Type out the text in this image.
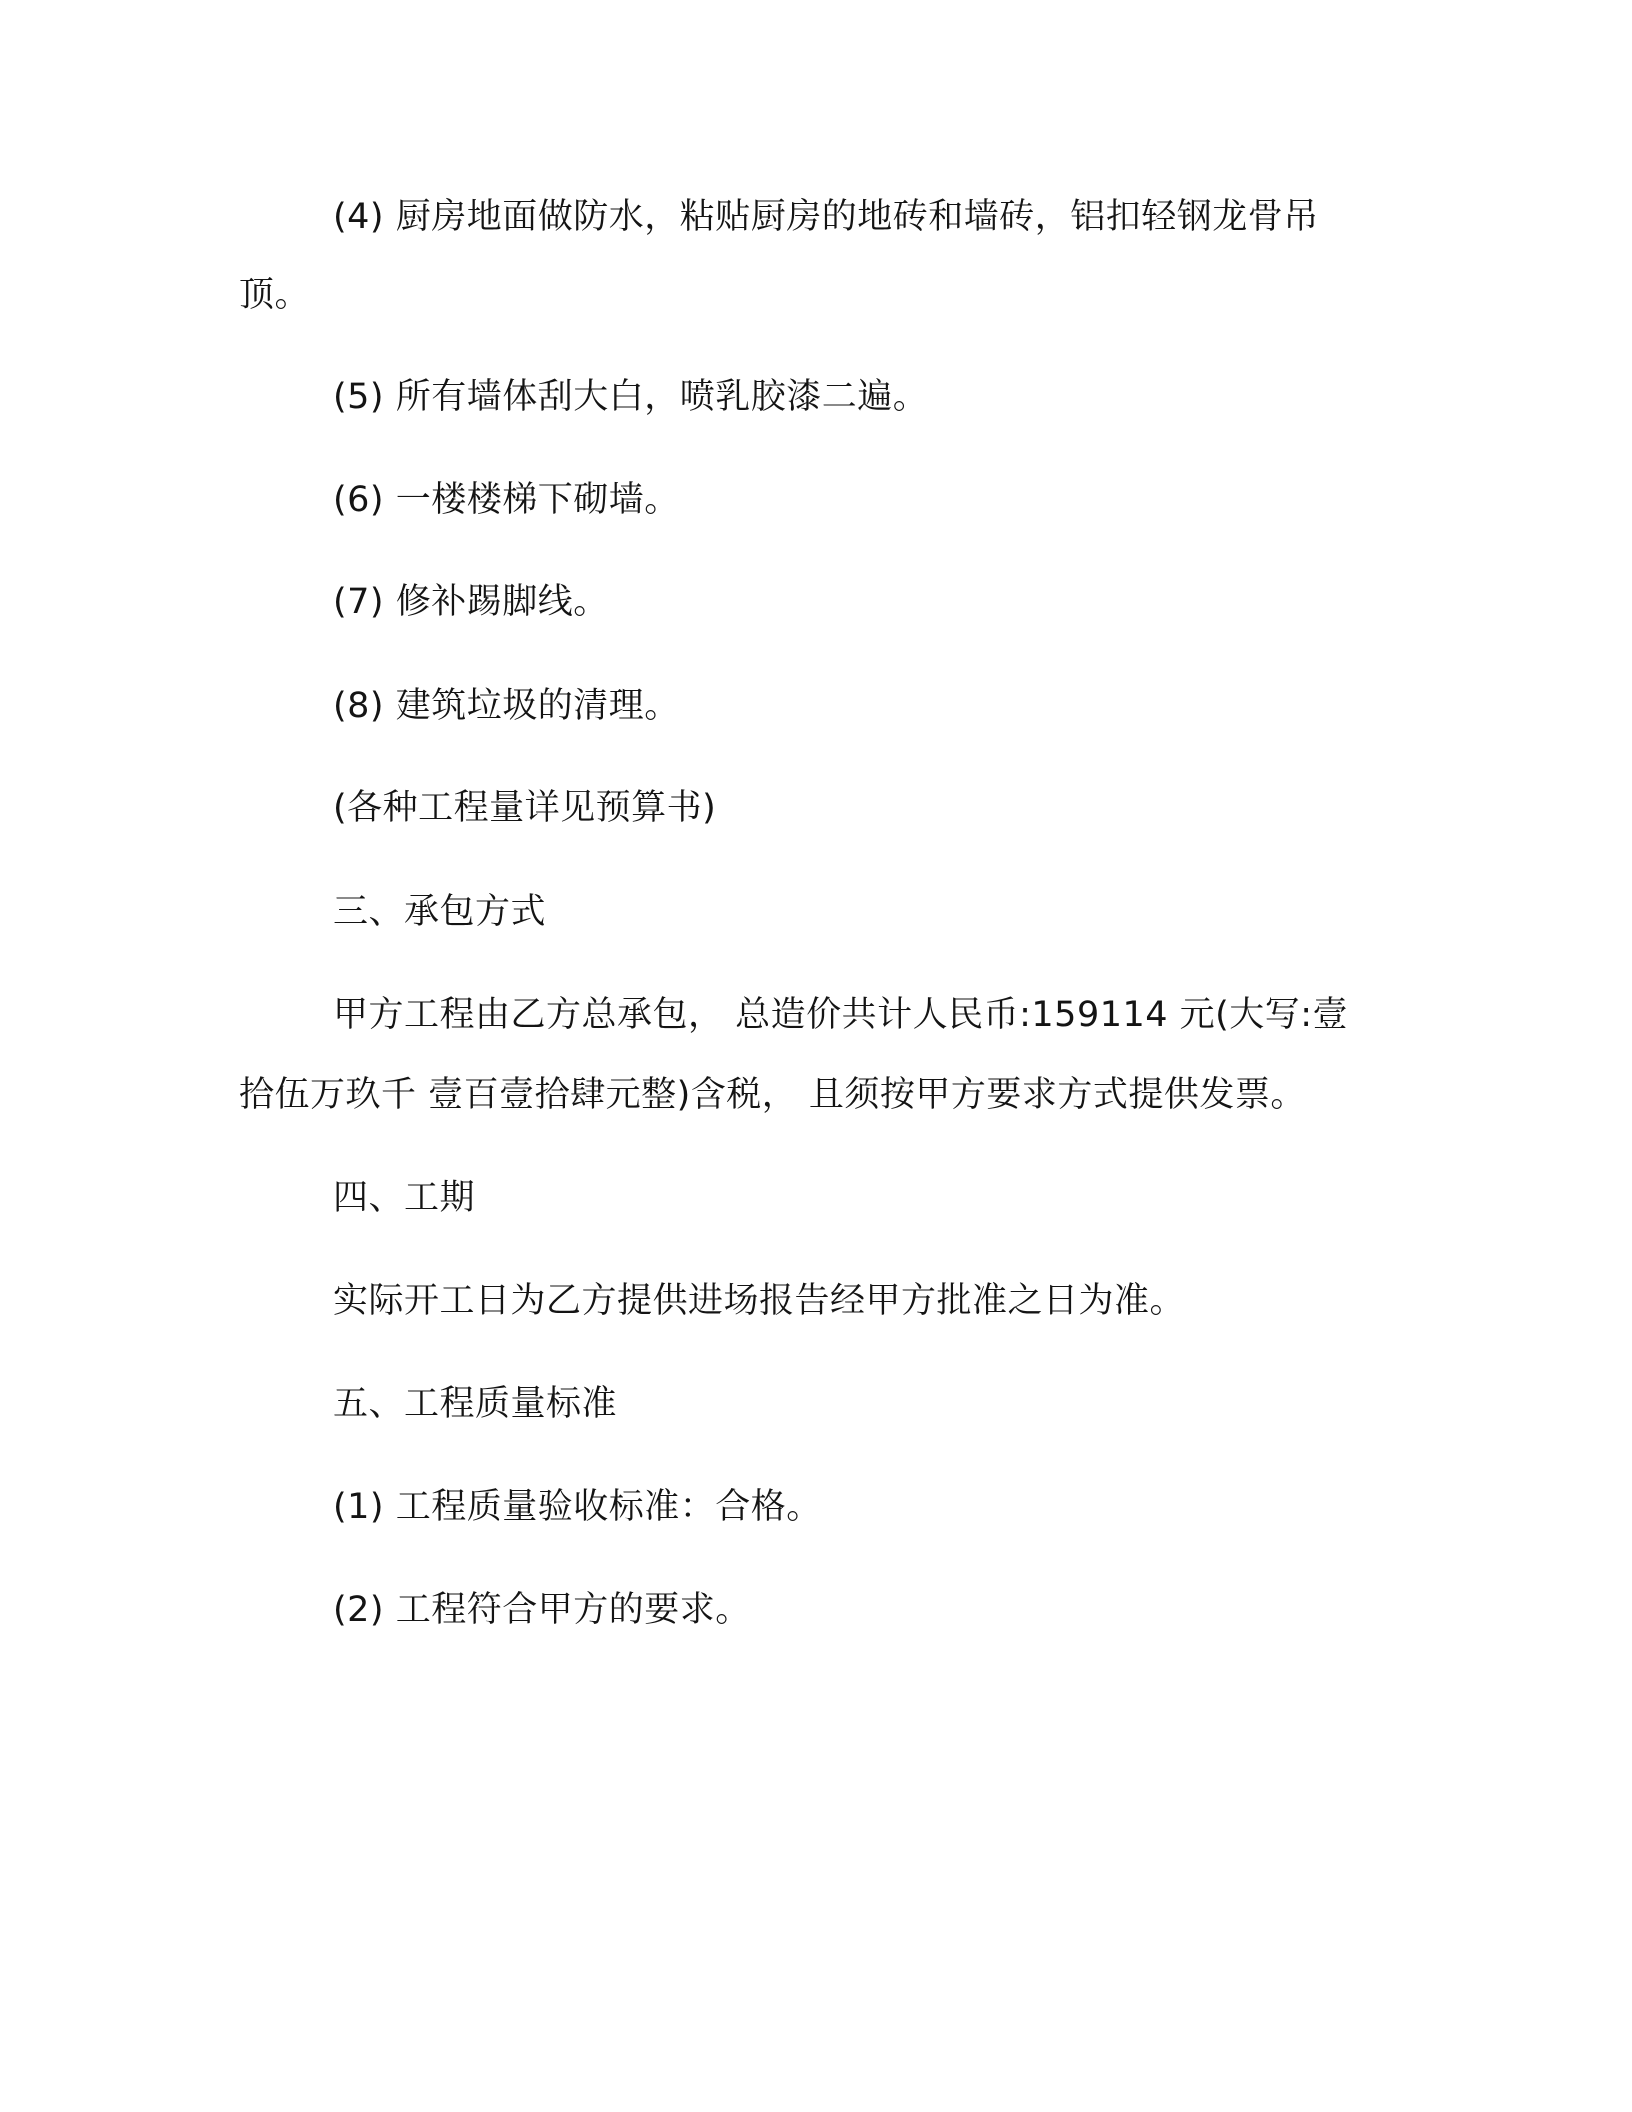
(4) 厨房地面做防水，粘贴厨房的地砖和墙砖，铝扣轻钢龙骨吊
顶。
(5) 所有墙体刮大白，喷乳胶漆二遍。
(6) 一楼楼梯下砌墙。
(7) 修补踢脚线。
(8) 建筑垃圾的清理。
(各种工程量详见预算书)
三、承包方式
甲方工程由乙方总承包， 总造价共计人民币:159114 元(大写:壹
拾伍万玖千 壹百壹拾肆元整)含税， 且须按甲方要求方式提供发票。
四、工期
实际开工日为乙方提供进场报告经甲方批准之日为准。
五、工程质量标准
(1) 工程质量验收标准：合格。
(2) 工程符合甲方的要求。
